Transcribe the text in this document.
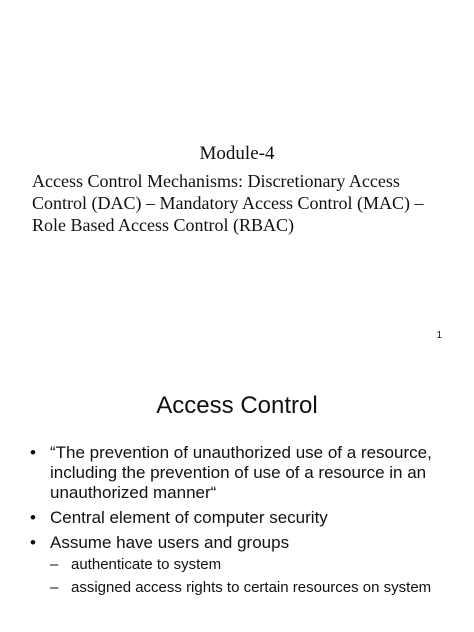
Module-4
Access Control Mechanisms: Discretionary Access Control (DAC) – Mandatory Access Control (MAC) – Role Based Access Control (RBAC)
1
Access Control
• “The prevention of unauthorized use of a resource, including the prevention of use of a resource in an unauthorized manner“
• Central element of computer security
• Assume have users and groups
– authenticate to system
– assigned access rights to certain resources on system
